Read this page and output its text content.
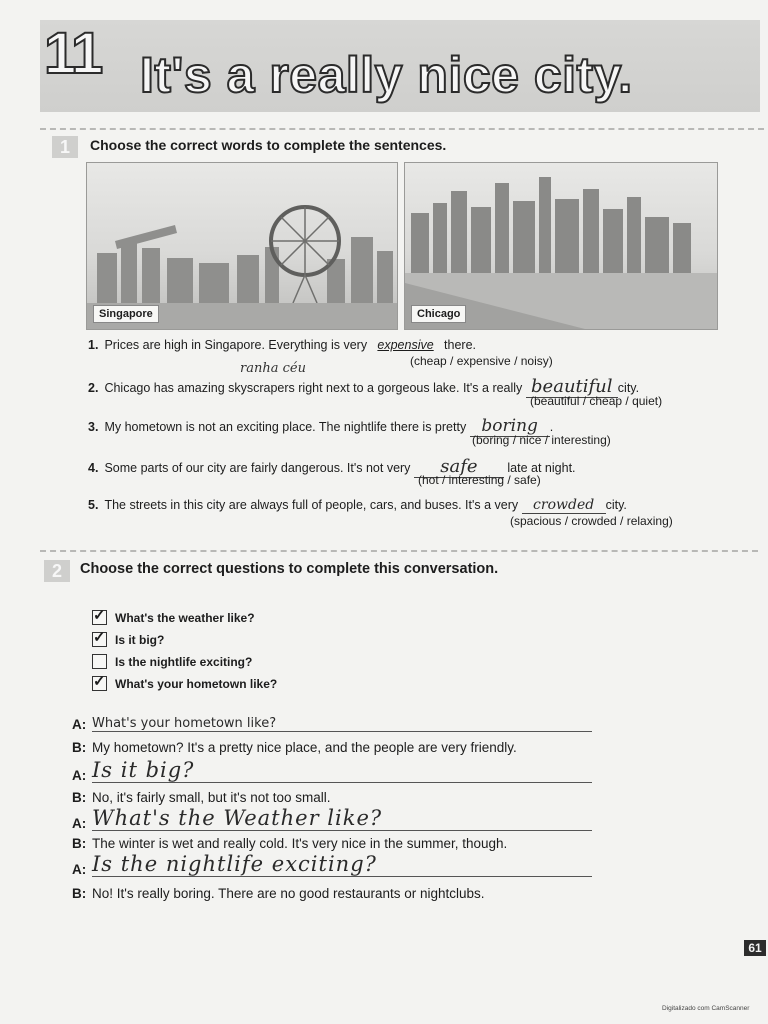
11 It's a really nice city.
1	Choose the correct words to complete the sentences.
Singapore	Chicago
ranha céu
1. Prices are high in Singapore. Everything is very expensive there.
(cheap / expensive / noisy)
2. Chicago has amazing skyscrapers right next to a gorgeous lake. It's a really beautiful city.
(beautiful / cheap / quiet)
3. My hometown is not an exciting place. The nightlife there is pretty boring .
(boring / nice / interesting)
4. Some parts of our city are fairly dangerous. It's not very safe late at night.
(hot / interesting / safe)
5. The streets in this city are always full of people, cars, and buses. It's a very crowded city.
(spacious / crowded / relaxing)
2	Choose the correct questions to complete this conversation.
✓
What's the weather like?
✓
Is it big?
Is the nightlife exciting?
✓
What's your hometown like?
A: What's your hometown like?
B: My hometown? It's a pretty nice place, and the people are very friendly.
A: Is it big?
B: No, it's fairly small, but it's not too small.
A: What's the Weather like?
B: The winter is wet and really cold. It's very nice in the summer, though.
A: Is the nightlife exciting?
B: No! It's really boring. There are no good restaurants or nightclubs.
61
Digitalizado com CamScanner
